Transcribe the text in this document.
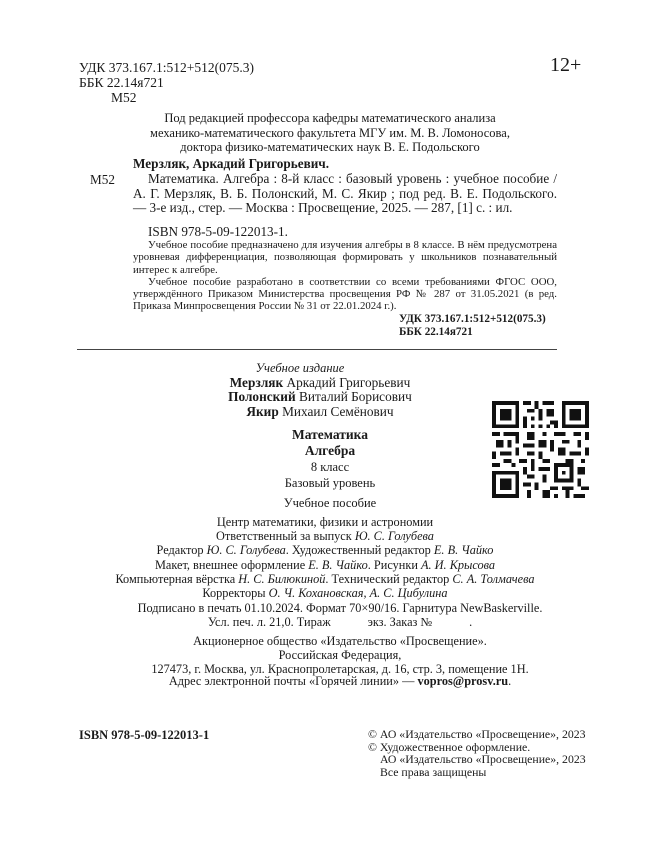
УДК 373.167.1:512+512(075.3)
ББК 22.14я721
М52
12+
Под редакцией профессора кафедры математического анализа
механико-математического факультета МГУ им. М. В. Ломоносова,
доктора физико-математических наук В. Е. Подольского
М52
Мерзляк, Аркадий Григорьевич.
Математика. Алгебра : 8-й класс : базовый уровень : учебное пособие / А. Г. Мерзляк, В. Б. Полонский, М. С. Якир ; под ред. В. Е. Подольского. — 3-е изд., стер. — Москва : Просвещение, 2025. — 287, [1] с. : ил.
ISBN 978-5-09-122013-1.

Учебное пособие предназначено для изучения алгебры в 8 классе. В нём предусмотрена уровневая дифференциация, позволяющая формировать у школьников познавательный интерес к алгебре.

Учебное пособие разработано в соответствии со всеми требованиями ФГОС ООО, утверждённого Приказом Министерства просвещения РФ № 287 от 31.05.2021 (в ред. Приказа Минпросвещения России № 31 от 22.01.2024 г.).

УДК 373.167.1:512+512(075.3)
ББК 22.14я721
Учебное издание
Мерзляк Аркадий Григорьевич
Полонский Виталий Борисович
Якир Михаил Семёнович
Математика
Алгебра
8 класс
Базовый уровень
Учебное пособие
Центр математики, физики и астрономии
Ответственный за выпуск Ю. С. Голубева
Редактор Ю. С. Голубева. Художественный редактор Е. В. Чайко
Макет, внешнее оформление Е. В. Чайко. Рисунки А. И. Крысова
Компьютерная вёрстка Н. С. Билюкиной. Технический редактор С. А. Толмачева
Корректоры О. Ч. Кохановская, А. С. Цибулина
Подписано в печать 01.10.2024. Формат 70×90/16. Гарнитура NewBaskerville.
Усл. печ. л. 21,0. Тираж            экз. Заказ №            .
Акционерное общество «Издательство «Просвещение».
Российская Федерация,
127473, г. Москва, ул. Краснопролетарская, д. 16, стр. 3, помещение 1Н.
Адрес электронной почты «Горячей линии» — vopros@prosv.ru.
ISBN 978-5-09-122013-1	© АО «Издательство «Просвещение», 2023
© Художественное оформление.
АО «Издательство «Просвещение», 2023
Все права защищены
